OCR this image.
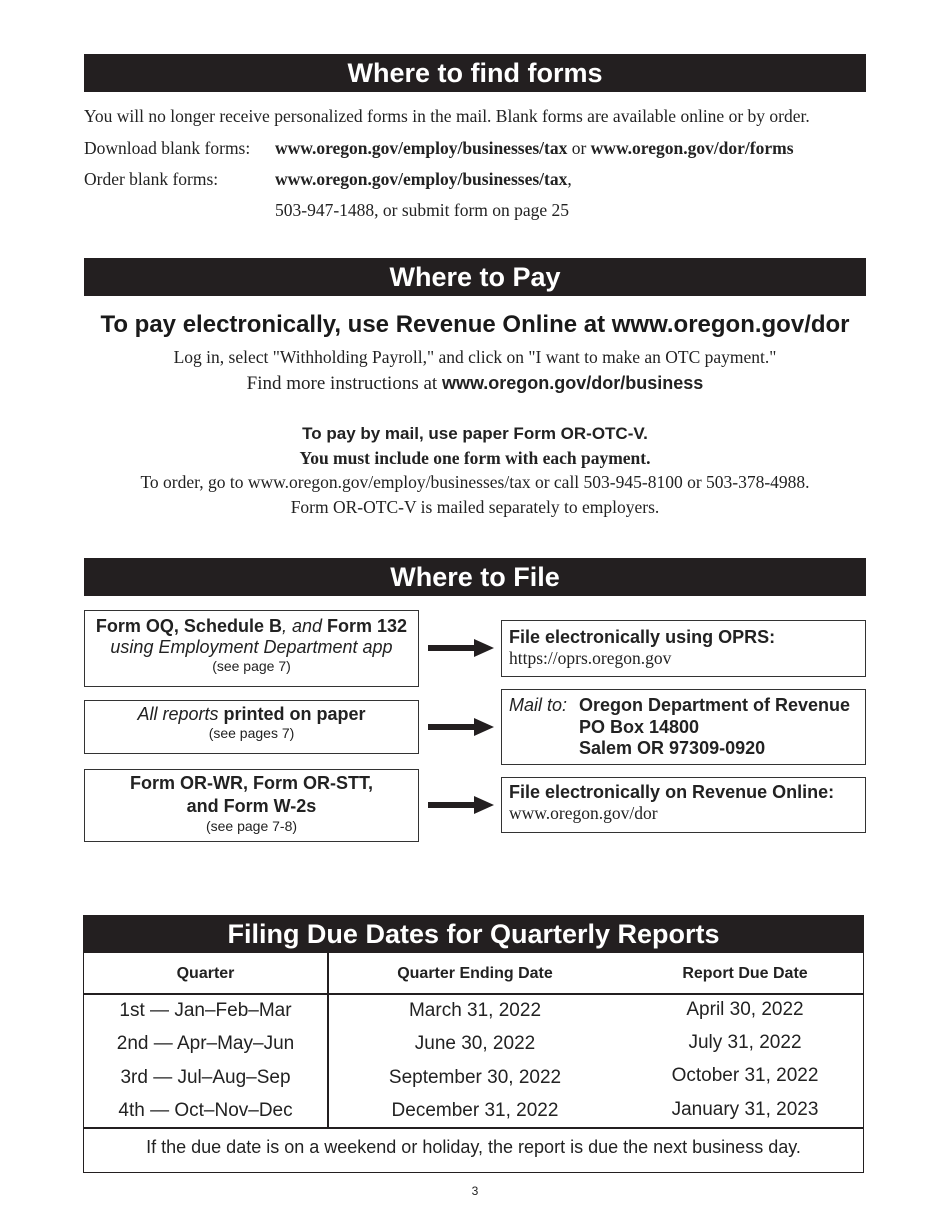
Where to find forms
You will no longer receive personalized forms in the mail. Blank forms are available online or by order.
Download blank forms: www.oregon.gov/employ/businesses/tax or www.oregon.gov/dor/forms
Order blank forms:	www.oregon.gov/employ/businesses/tax,
503-947-1488, or submit form on page 25
Where to Pay
To pay electronically, use Revenue Online at www.oregon.gov/dor
Log in, select "Withholding Payroll," and click on "I want to make an OTC payment."
Find more instructions at www.oregon.gov/dor/business
To pay by mail, use paper Form OR-OTC-V.
You must include one form with each payment.
To order, go to www.oregon.gov/employ/businesses/tax or call 503-945-8100 or 503-378-4988.
Form OR-OTC-V is mailed separately to employers.
Where to File
Form OQ, Schedule B, and Form 132
using Employment Department app
(see page 7)
File electronically using OPRS:
https://oprs.oregon.gov
All reports printed on paper
(see pages 7)
Mail to: Oregon Department of Revenue
PO Box 14800
Salem OR 97309-0920
Form OR-WR, Form OR-STT,
and Form W-2s
(see page 7-8)
File electronically on Revenue Online:
www.oregon.gov/dor
Filing Due Dates for Quarterly Reports
Quarter	Quarter Ending Date	Report Due Date
1st — Jan–Feb–Mar	March 31, 2022	April 30, 2022
2nd — Apr–May–Jun	June 30, 2022	July 31, 2022
3rd — Jul–Aug–Sep	September 30, 2022	October 31, 2022
4th — Oct–Nov–Dec	December 31, 2022	January 31, 2023
If the due date is on a weekend or holiday, the report is due the next business day.
3
